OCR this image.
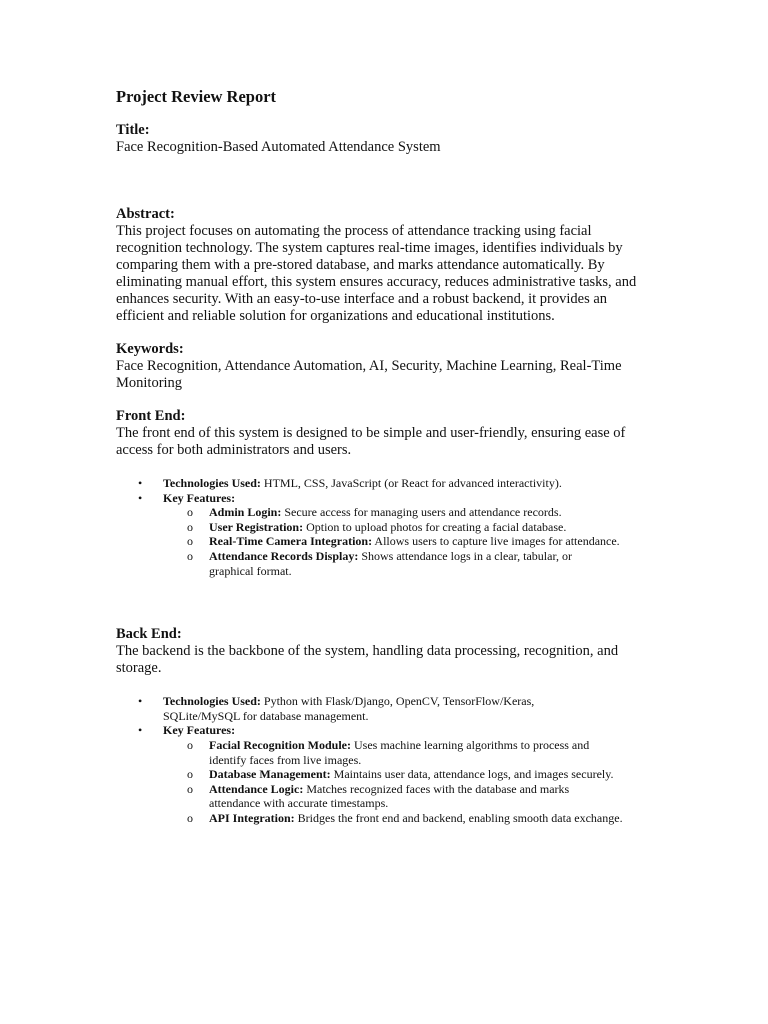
Project Review Report
Title:

Face Recognition-Based Automated Attendance System

Abstract:

This project focuses on automating the process of attendance tracking using facial recognition technology. The system captures real-time images, identifies individuals by comparing them with a pre-stored database, and marks attendance automatically. By eliminating manual effort, this system ensures accuracy, reduces administrative tasks, and enhances security. With an easy-to-use interface and a robust backend, it provides an efficient and reliable solution for organizations and educational institutions.

Keywords:

Face Recognition, Attendance Automation, AI, Security, Machine Learning, Real-Time Monitoring

Front End:

The front end of this system is designed to be simple and user-friendly, ensuring ease of access for both administrators and users.

• Technologies Used: HTML, CSS, JavaScript (or React for advanced interactivity).
• Key Features:
o Admin Login: Secure access for managing users and attendance records.
o User Registration: Option to upload photos for creating a facial database.
o Real-Time Camera Integration: Allows users to capture live images for attendance.
o Attendance Records Display: Shows attendance logs in a clear, tabular, or graphical format.
Back End:

The backend is the backbone of the system, handling data processing, recognition, and storage.

• Technologies Used: Python with Flask/Django, OpenCV, TensorFlow/Keras, SQLite/MySQL for database management.
• Key Features:
o Facial Recognition Module: Uses machine learning algorithms to process and identify faces from live images.
o Database Management: Maintains user data, attendance logs, and images securely.
o Attendance Logic: Matches recognized faces with the database and marks attendance with accurate timestamps.
o API Integration: Bridges the front end and backend, enabling smooth data exchange.
